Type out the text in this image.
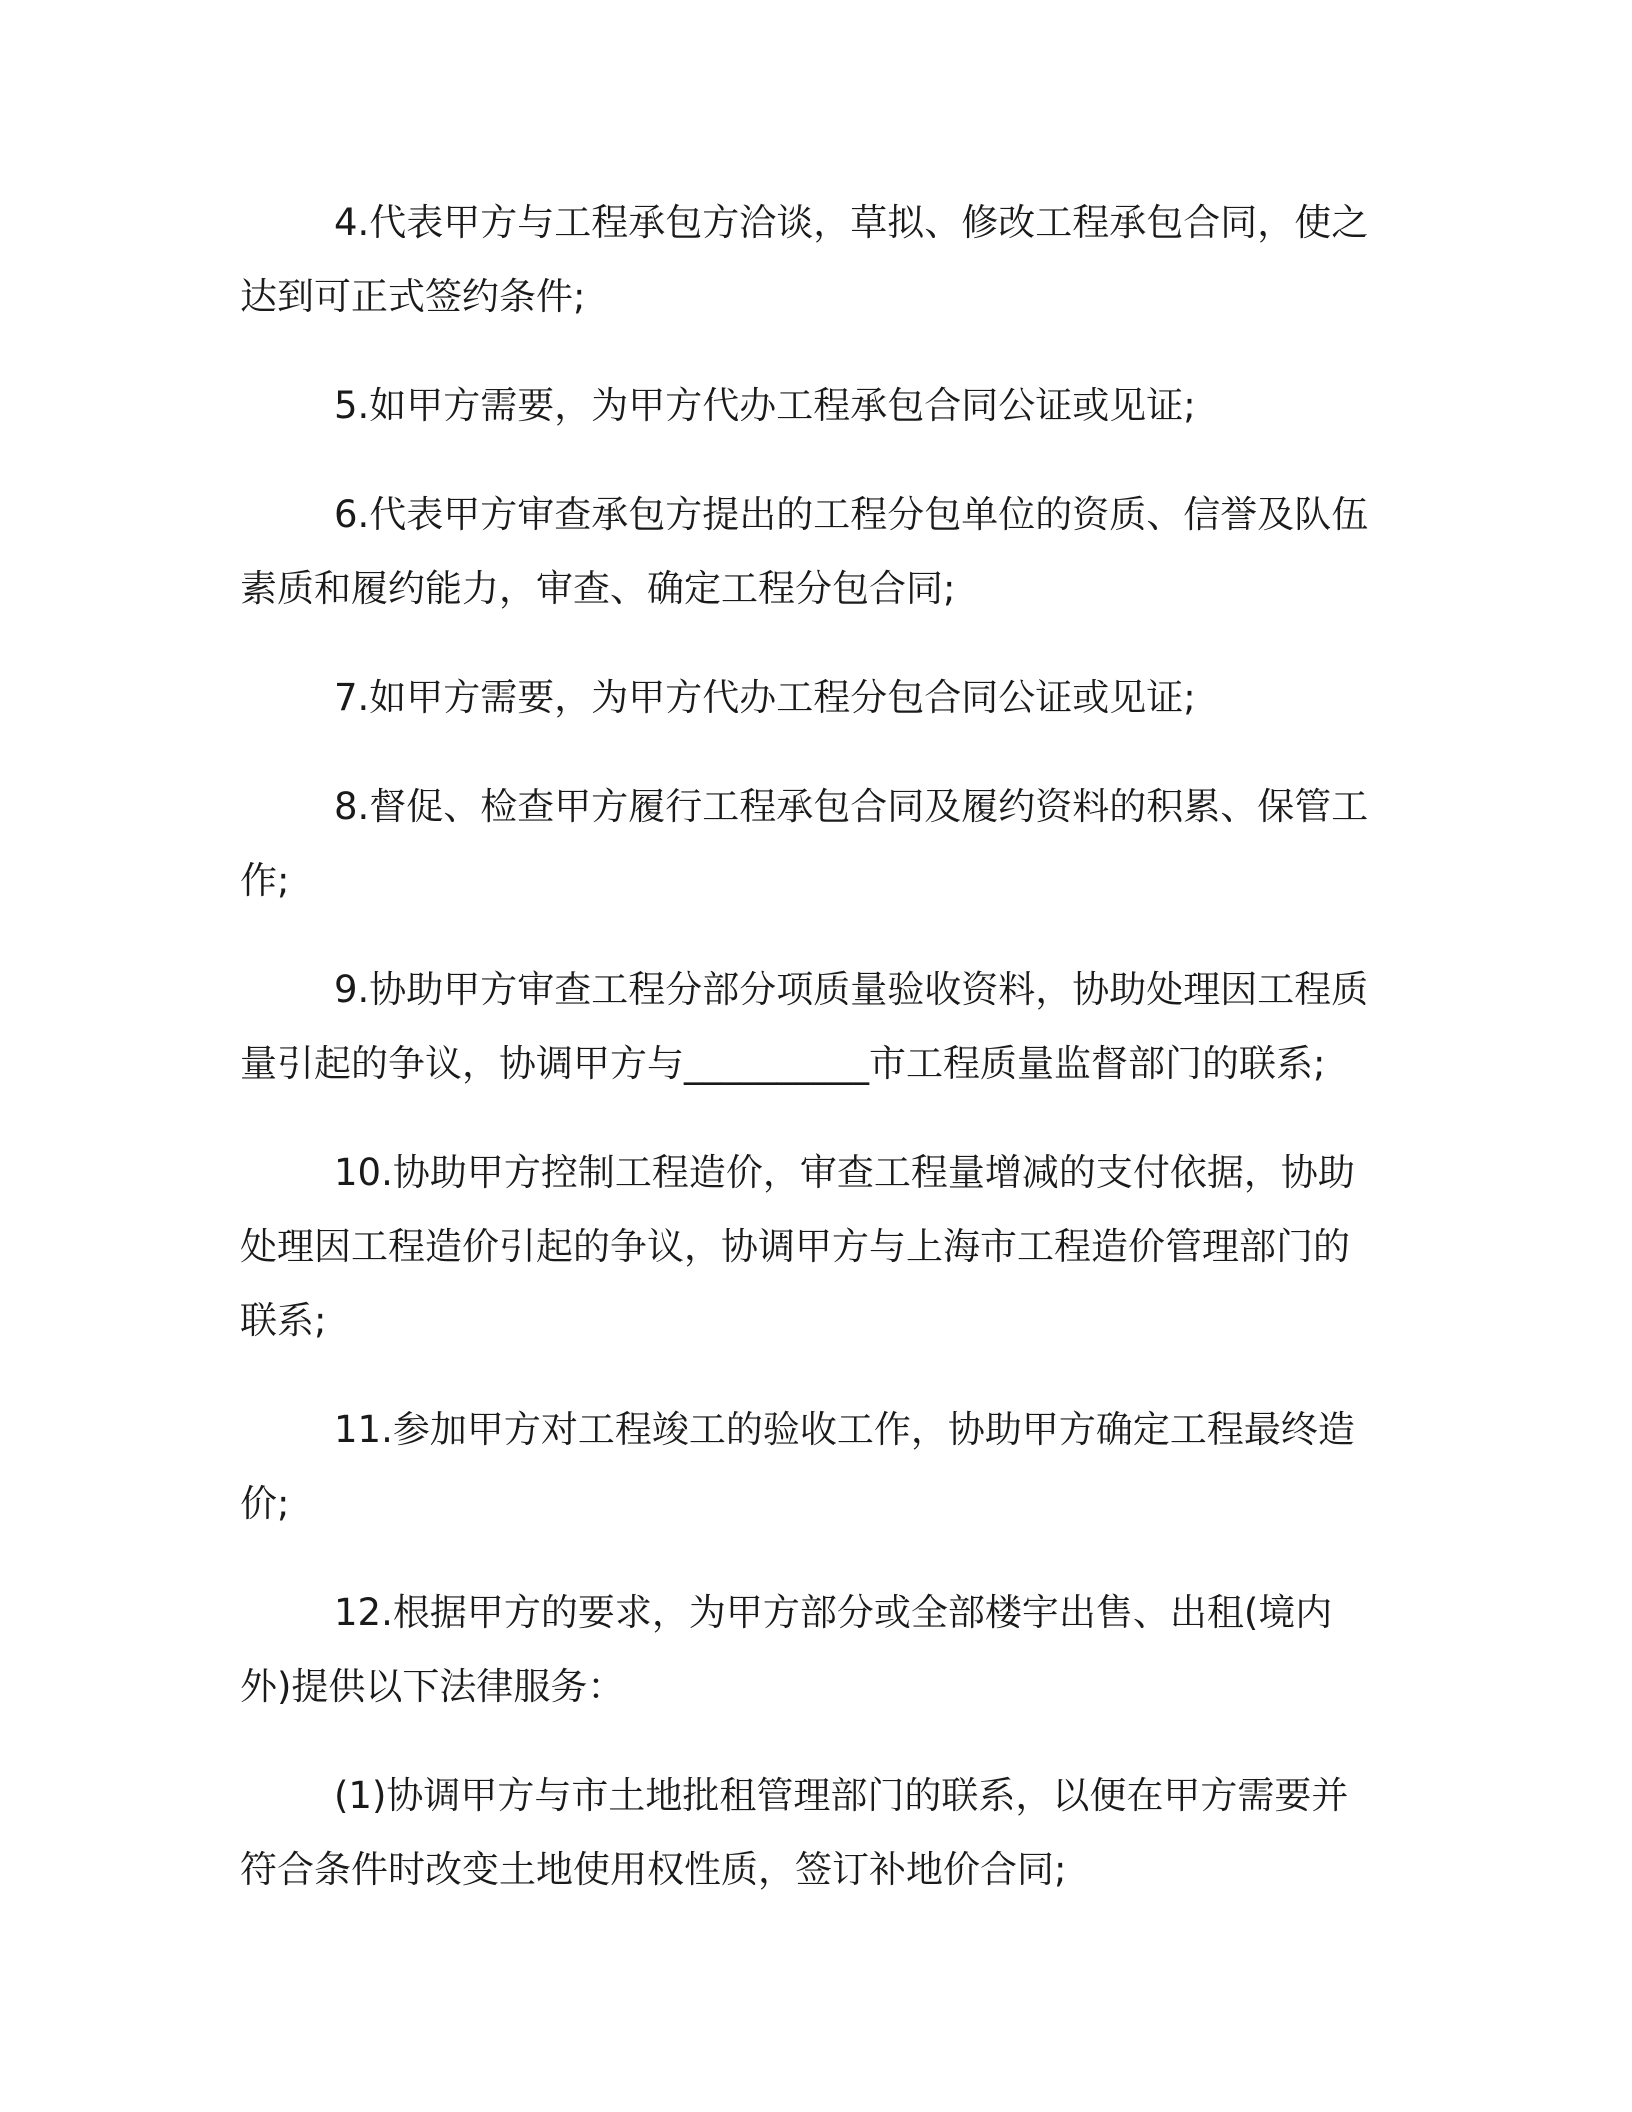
4.代表甲方与工程承包方洽谈，草拟、修改工程承包合同，使之达到可正式签约条件;

5.如甲方需要，为甲方代办工程承包合同公证或见证;

6.代表甲方审查承包方提出的工程分包单位的资质、信誉及队伍素质和履约能力，审查、确定工程分包合同;

7.如甲方需要，为甲方代办工程分包合同公证或见证;

8.督促、检查甲方履行工程承包合同及履约资料的积累、保管工作;

9.协助甲方审查工程分部分项质量验收资料，协助处理因工程质量引起的争议，协调甲方与__________市工程质量监督部门的联系;

10.协助甲方控制工程造价，审查工程量增减的支付依据，协助处理因工程造价引起的争议，协调甲方与上海市工程造价管理部门的联系;

11.参加甲方对工程竣工的验收工作，协助甲方确定工程最终造价;

12.根据甲方的要求，为甲方部分或全部楼宇出售、出租(境内外)提供以下法律服务：

(1)协调甲方与市土地批租管理部门的联系，以便在甲方需要并符合条件时改变土地使用权性质，签订补地价合同;
